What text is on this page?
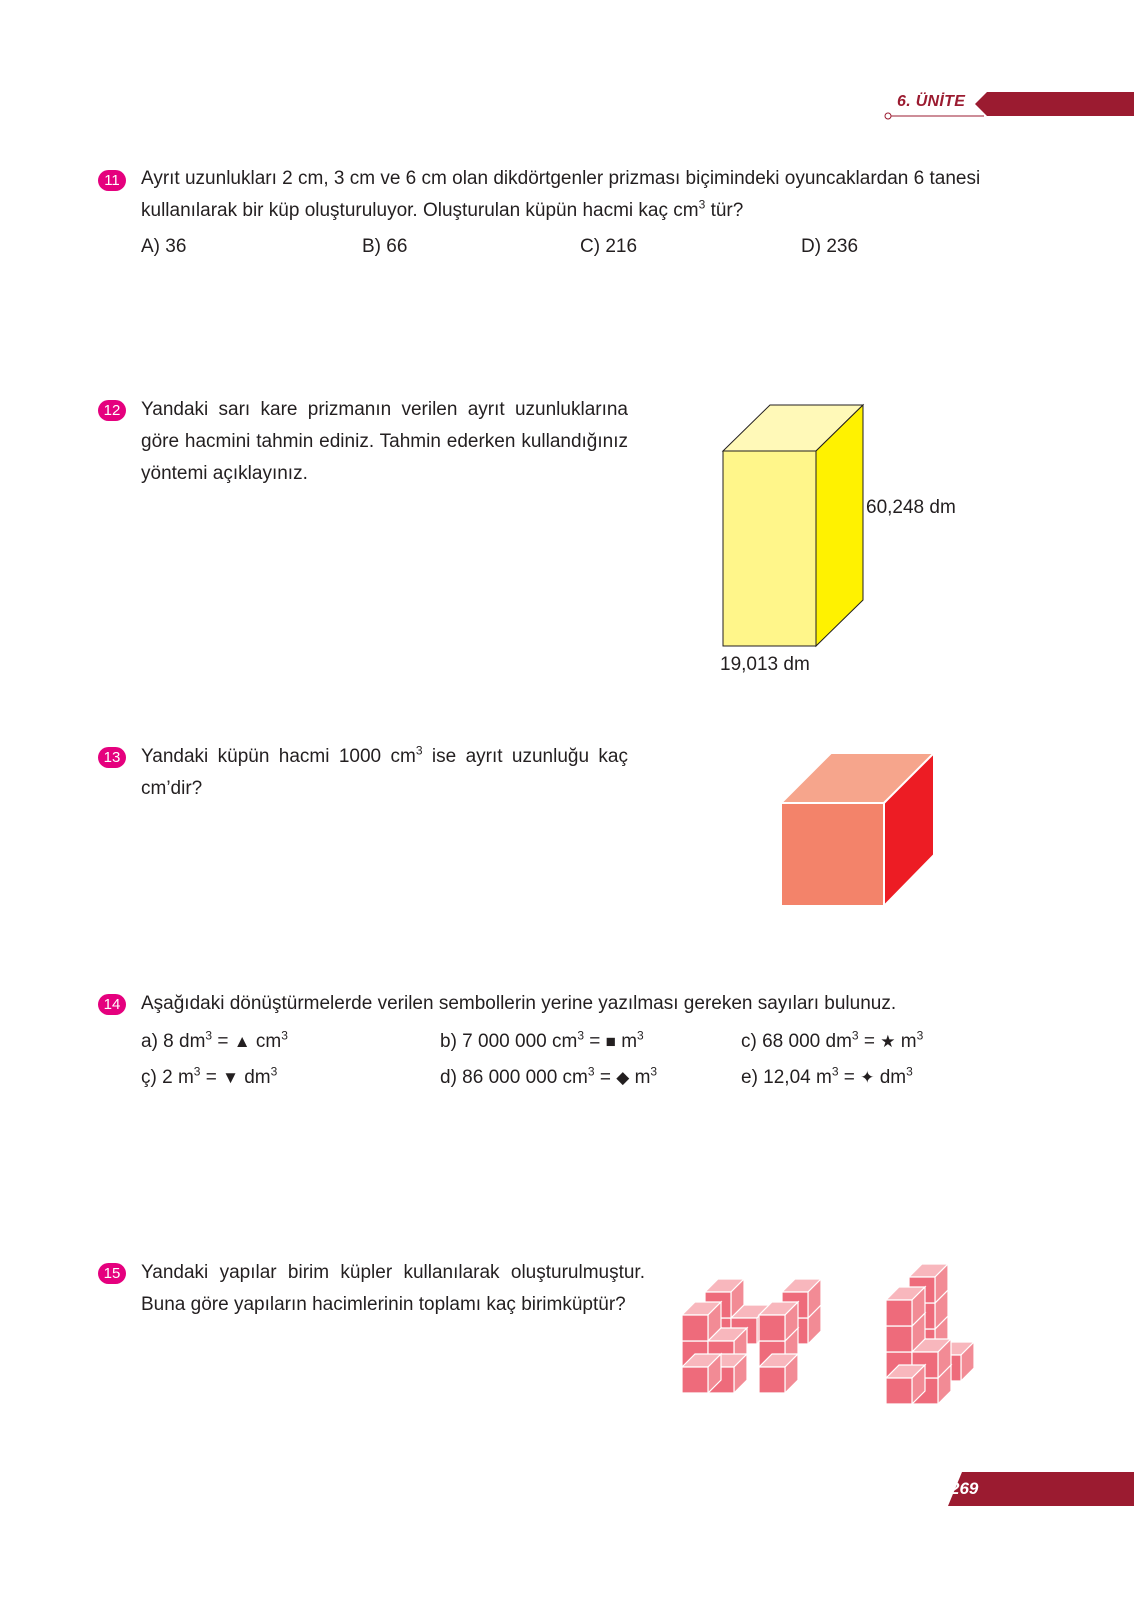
6. ÜNİTE
11	Ayrıt uzunlukları 2 cm, 3 cm ve 6 cm olan dikdörtgenler prizması biçimindeki oyuncaklardan 6 tanesi
kullanılarak bir küp oluşturuluyor. Oluşturulan küpün hacmi kaç $cm^3$ tür?
A) 36	B) 66	C) 216	D) 236
12 Yandaki sarı kare prizmanın verilen ayrıt uzunluklarına
göre hacmini tahmin ediniz. Tahmin ederken kullandığınız
yöntemi açıklayınız.
60,248 dm
19,013 dm
13 Yandaki küpün hacmi 1000 $cm^3$ ise ayrıt uzunluğu kaç
cm’dir?
14 Aşağıdaki dönüştürmelerde verilen sembollerin yerine yazılması gereken sayıları bulunuz.
a) 8 $dm^3$ = ▲ $cm^3$	b) 7 000 000 $cm^3$ = ■ $m^3$	c) 68 000 $dm^3$ = ★ $m^3$
ç) 2 $m^3$ = ▼ $dm^3$	d) 86 000 000 $cm^3$ = ◆ $m^3$	e) 12,04 $m^3$ = ✦ $dm^3$
15 Yandaki yapılar birim küpler kullanılarak oluşturulmuştur.
Buna göre yapıların hacimlerinin toplamı kaç birimküptür?
269
